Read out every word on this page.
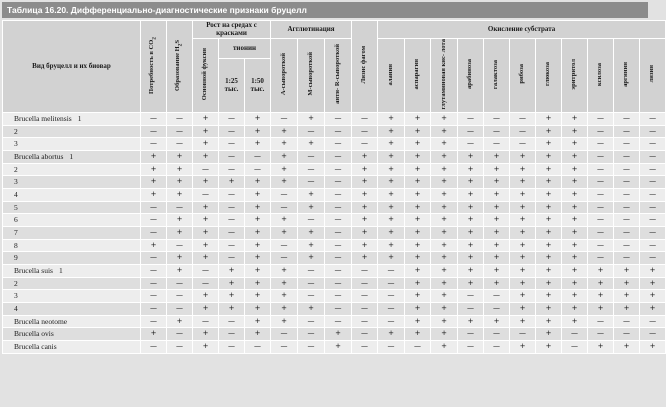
Таблица 16.20. Дифференциально-диагностические признаки бруцелл
Вид бруцелл и их биовар	Потребность в $CO_2$	Образование $H_2S$	Рост на средах с красками			Агглютинация			Лизис фагом	Окисление субстрата										
			Основной фуксин	тионин		А-сывороткой	М-сывороткой	анти- R-сывороткой		аланин	аспарагин	глутаминовая кис- лота	арабиноза	галактоза	рибоза	глюкоза	эритритол	ксилоза	аргинин	лизин
				1:25 тыс.	1:50 тыс.															
Brucella melitensis 1	—	—	+	—	+	—	+	—	—	+	+	+	—	—	—	+	+	—	—	—
2	—	—	+	—	+	+	—	—	—	+	+	+	—	—	—	+	+	—	—	—
3	—	—	+	—	+	+	+	—	—	+	+	+	—	—	—	+	+	—	—	—
Brucella abortus 1	+	+	+	—	—	+	—	—	+	+	+	+	+	+	+	+	+	—	—	—
2	+	+	—	—	—	+	—	—	+	+	+	+	+	+	+	+	+	—	—	—
3	+	+	+	+	+	+	—	—	+	+	+	+	+	+	+	+	+	—	—	—
4	+	+	—	—	+	—	+	—	+	+	+	+	+	+	+	+	+	—	—	—
5	—	—	+	—	+	—	+	—	+	+	+	+	+	+	+	+	+	—	—	—
6	—	+	+	—	+	+	—	—	+	+	+	+	+	+	+	+	+	—	—	—
7	—	+	+	—	+	+	+	—	+	+	+	+	+	+	+	+	+	—	—	—
8	+	—	+	—	+	—	+	—	+	+	+	+	+	+	+	+	+	—	—	—
9	—	+	+	—	+	—	+	—	+	+	+	+	+	+	+	+	+	—	—	—
Brucella suis 1	—	+	—	+	+	+	—	—	—	—	+	+	+	+	+	+	+	+	+	+
2	—	—	—	+	+	+	—	—	—	—	+	+	+	+	+	+	+	+	+	+
3	—	—	+	+	+	+	—	—	—	—	+	+	—	—	+	+	+	+	+	+
4	—	—	+	+	+	+	+	—	—	—	+	+	—	—	+	+	+	+	+	+
Brucella neotome	—	+	—	—	+	+	—	—	—	—	+	+	+	+	+	+	+	—	—	—
Brucella ovis	+	—	+	—	+	—	—	+	—	+	+	+	—	—	—	+	—	—	—	—
Brucella canis	—	—	+	—	—	—	—	+	—	—	—	+	—	—	+	+	—	+	+	+
